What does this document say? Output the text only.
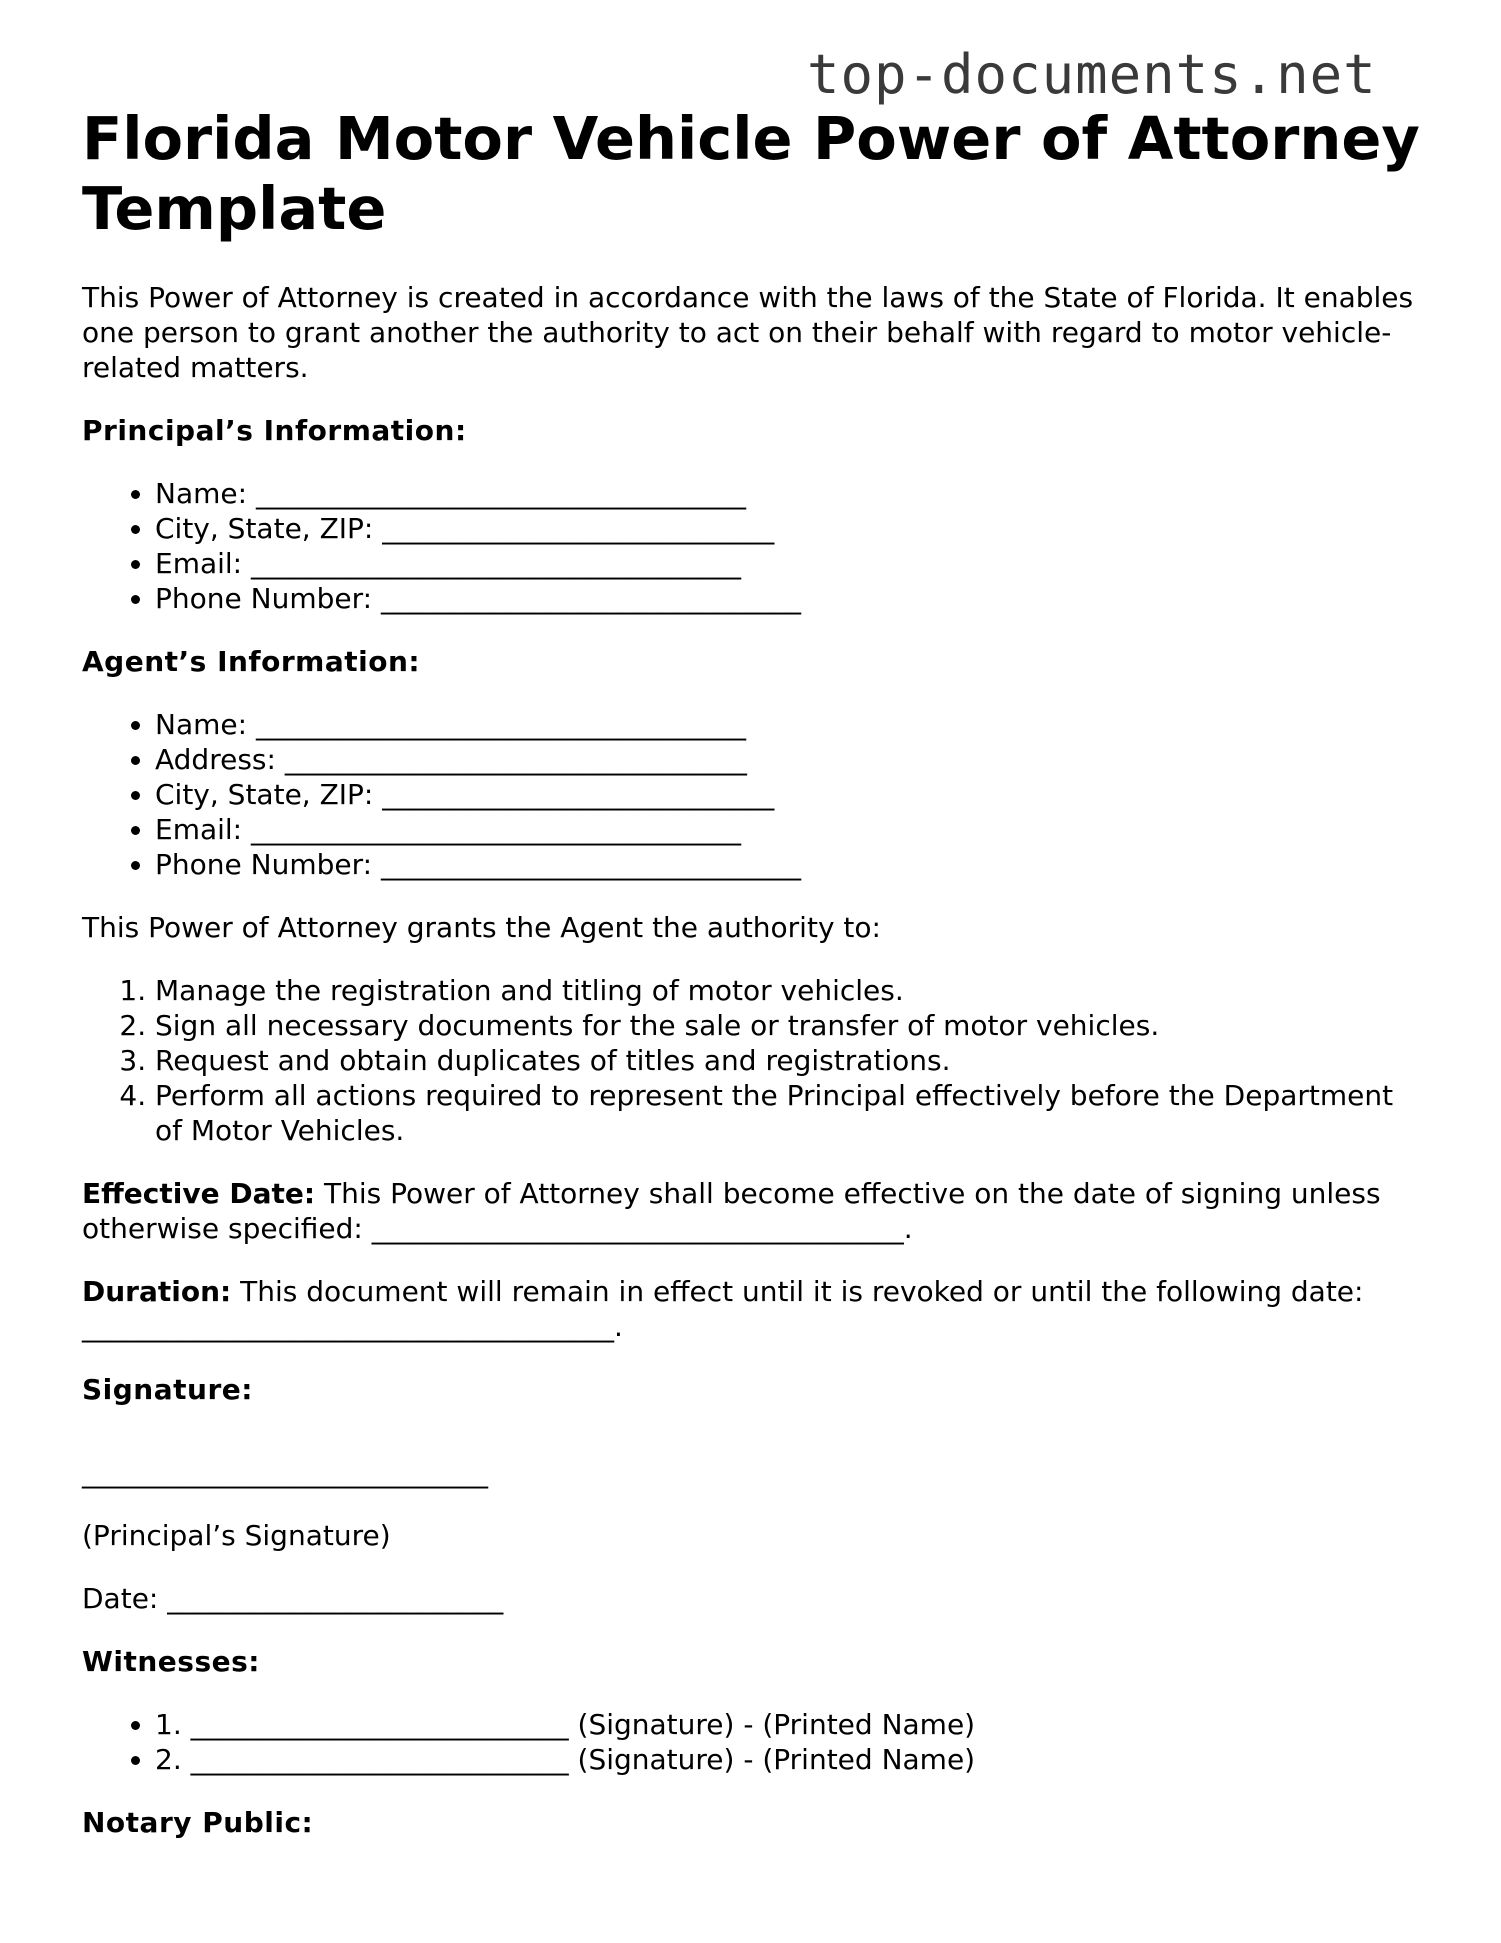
top-documents.net
Florida Motor Vehicle Power of Attorney Template

This Power of Attorney is created in accordance with the laws of the State of Florida. It enables one person to grant another the authority to act on their behalf with regard to motor vehicle-related matters.

Principal’s Information:
• Name: ___________________________________
• City, State, ZIP: ____________________________
• Email: ___________________________________
• Phone Number: ______________________________
Agent’s Information:
• Name: ___________________________________
• Address: _________________________________
• City, State, ZIP: ____________________________
• Email: ___________________________________
• Phone Number: ______________________________

This Power of Attorney grants the Agent the authority to:

1. Manage the registration and titling of motor vehicles.
2. Sign all necessary documents for the sale or transfer of motor vehicles.
3. Request and obtain duplicates of titles and registrations.
4. Perform all actions required to represent the Principal effectively before the Department of Motor Vehicles.

Effective Date: This Power of Attorney shall become effective on the date of signing unless otherwise specified: ______________________________________.

Duration: This document will remain in effect until it is revoked or until the following date: ______________________________________.

Signature:

_____________________________

(Principal’s Signature)

Date: ________________________

Witnesses:
• 1. ___________________________ (Signature) - (Printed Name)
• 2. ___________________________ (Signature) - (Printed Name)
Notary Public:
